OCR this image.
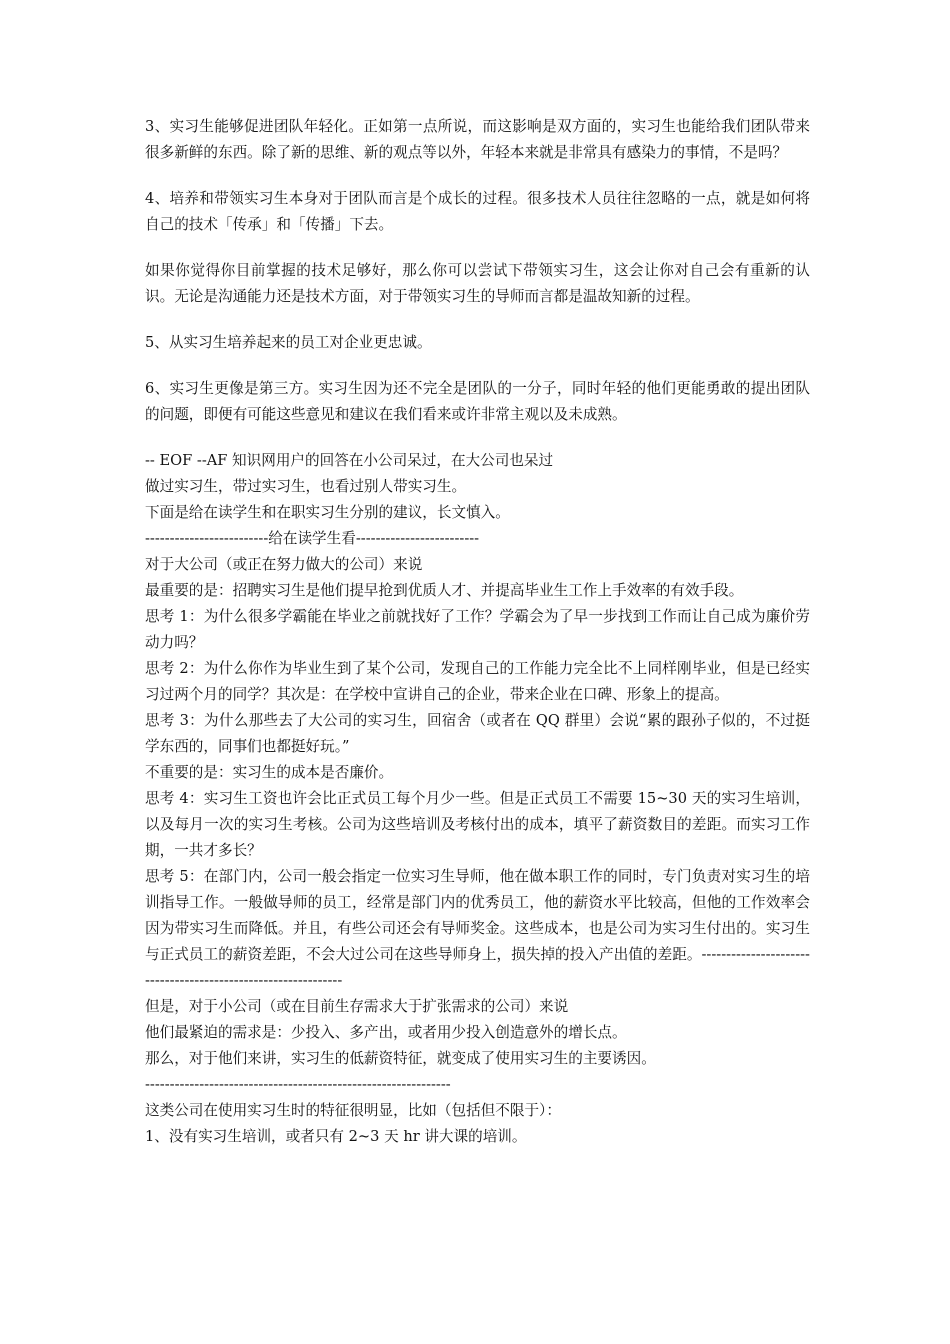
3、实习生能够促进团队年轻化。正如第一点所说，而这影响是双方面的，实习生也能给我们团队带来很多新鲜的东西。除了新的思维、新的观点等以外，年轻本来就是非常具有感染力的事情，不是吗？

4、培养和带领实习生本身对于团队而言是个成长的过程。很多技术人员往往忽略的一点，就是如何将自己的技术「传承」和「传播」下去。

如果你觉得你目前掌握的技术足够好，那么你可以尝试下带领实习生，这会让你对自己会有重新的认识。无论是沟通能力还是技术方面，对于带领实习生的导师而言都是温故知新的过程。

5、从实习生培养起来的员工对企业更忠诚。

6、实习生更像是第三方。实习生因为还不完全是团队的一分子，同时年轻的他们更能勇敢的提出团队的问题，即便有可能这些意见和建议在我们看来或许非常主观以及未成熟。

-- EOF --AF 知识网用户的回答在小公司呆过，在大公司也呆过

做过实习生，带过实习生，也看过别人带实习生。

下面是给在读学生和在职实习生分别的建议，长文慎入。

-------------------------给在读学生看-------------------------

对于大公司（或正在努力做大的公司）来说

最重要的是：招聘实习生是他们提早抢到优质人才、并提高毕业生工作上手效率的有效手段。

思考 1：为什么很多学霸能在毕业之前就找好了工作？学霸会为了早一步找到工作而让自己成为廉价劳动力吗？

思考 2：为什么你作为毕业生到了某个公司，发现自己的工作能力完全比不上同样刚毕业，但是已经实习过两个月的同学？其次是：在学校中宣讲自己的企业，带来企业在口碑、形象上的提高。

思考 3：为什么那些去了大公司的实习生，回宿舍（或者在 QQ 群里）会说“累的跟孙子似的，不过挺学东西的，同事们也都挺好玩。”

不重要的是：实习生的成本是否廉价。

思考 4：实习生工资也许会比正式员工每个月少一些。但是正式员工不需要 15~30 天的实习生培训，以及每月一次的实习生考核。公司为这些培训及考核付出的成本，填平了薪资数目的差距。而实习工作期，一共才多长？

思考 5：在部门内，公司一般会指定一位实习生导师，他在做本职工作的同时，专门负责对实习生的培训指导工作。一般做导师的员工，经常是部门内的优秀员工，他的薪资水平比较高，但他的工作效率会因为带实习生而降低。并且，有些公司还会有导师奖金。这些成本，也是公司为实习生付出的。实习生与正式员工的薪资差距，不会大过公司在这些导师身上，损失掉的投入产出值的差距。--------------------------------------------------------------

但是，对于小公司（或在目前生存需求大于扩张需求的公司）来说

他们最紧迫的需求是：少投入、多产出，或者用少投入创造意外的增长点。

那么，对于他们来讲，实习生的低薪资特征，就变成了使用实习生的主要诱因。

--------------------------------------------------------------

这类公司在使用实习生时的特征很明显，比如（包括但不限于）：

1、没有实习生培训，或者只有 2~3 天 hr 讲大课的培训。
